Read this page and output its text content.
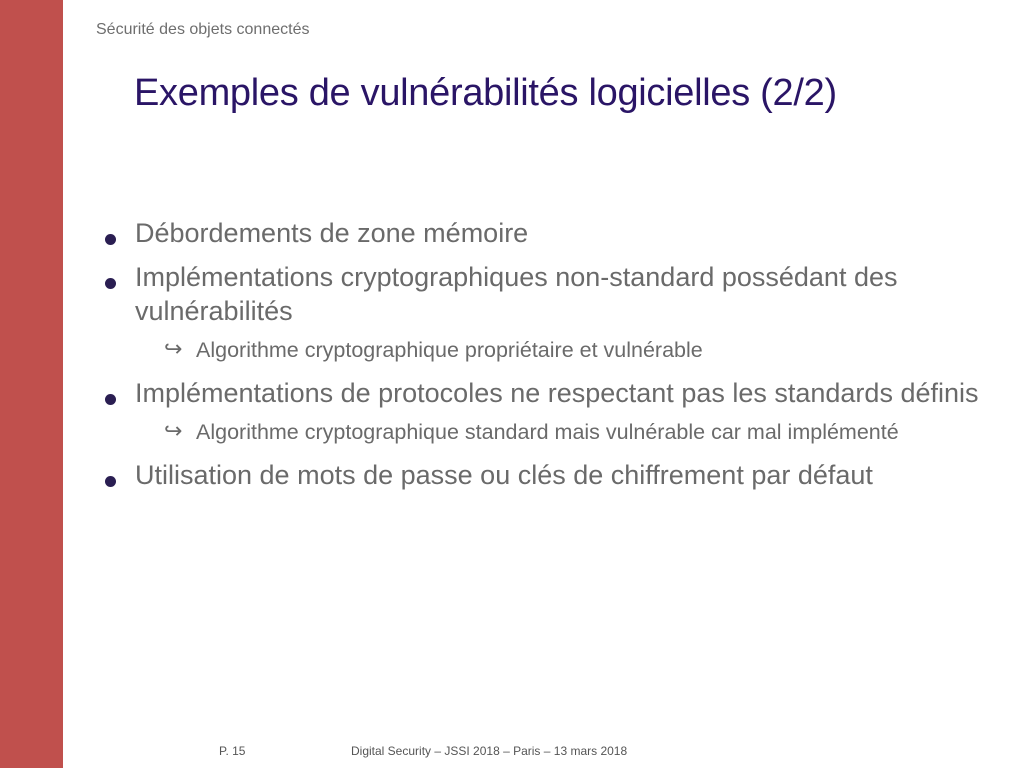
Sécurité des objets connectés
Exemples de vulnérabilités logicielles (2/2)
Débordements de zone mémoire
Implémentations cryptographiques non-standard possédant des vulnérabilités
↪ Algorithme cryptographique propriétaire et vulnérable
Implémentations de protocoles ne respectant pas les standards définis
↪ Algorithme cryptographique standard mais vulnérable car mal implémenté
Utilisation de mots de passe ou clés de chiffrement par défaut
P. 15	Digital Security – JSSI 2018 – Paris – 13 mars 2018
